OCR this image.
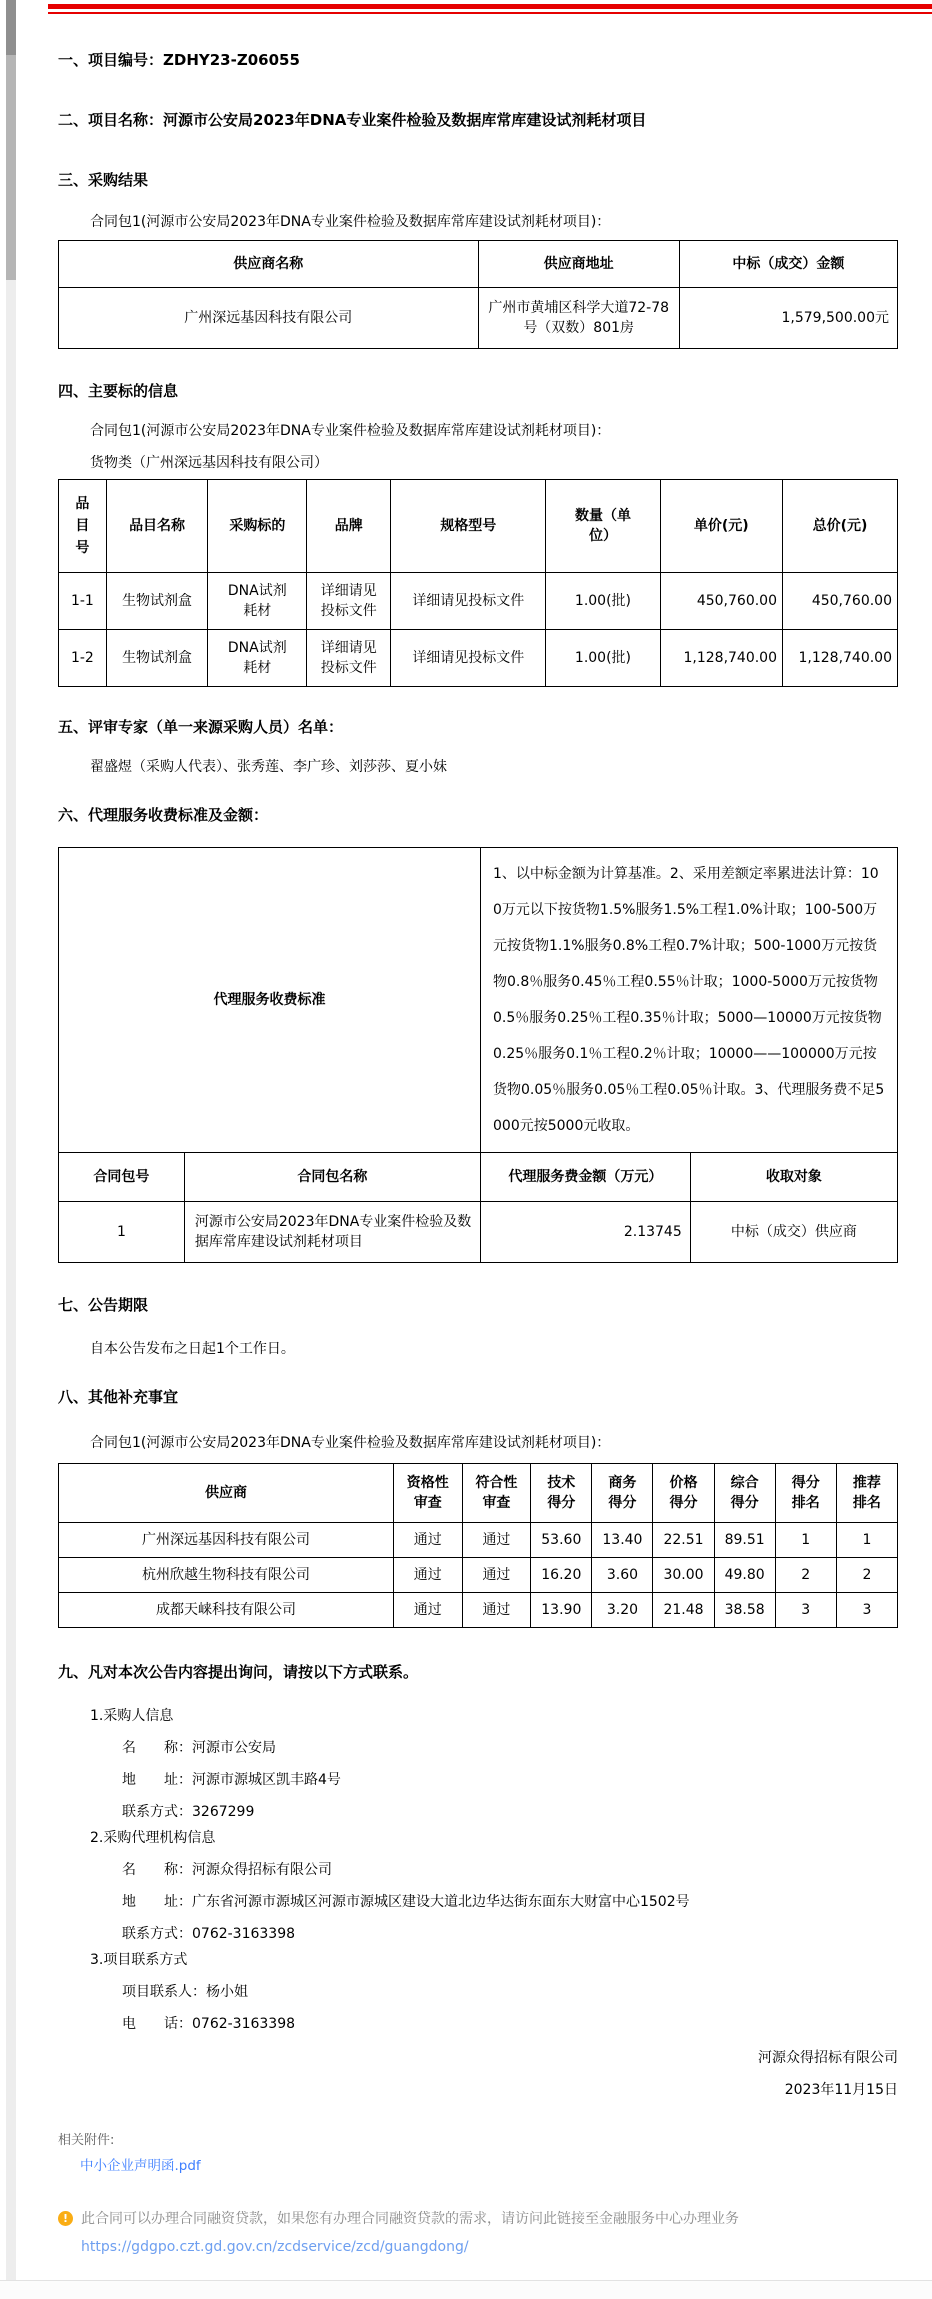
一、项目编号：ZDHY23-Z06055
二、项目名称：河源市公安局2023年DNA专业案件检验及数据库常库建设试剂耗材项目
三、采购结果
合同包1(河源市公安局2023年DNA专业案件检验及数据库常库建设试剂耗材项目)：
供应商名称	供应商地址	中标（成交）金额
广州深远基因科技有限公司	广州市黄埔区科学大道72-78号（双数）801房	1,579,500.00元
四、主要标的信息
合同包1(河源市公安局2023年DNA专业案件检验及数据库常库建设试剂耗材项目)：
货物类（广州深远基因科技有限公司）
品目号	品目名称	采购标的	品牌	规格型号	数量（单位）	单价(元)	总价(元)
1-1	生物试剂盒	DNA试剂耗材	详细请见投标文件	详细请见投标文件	1.00(批)	450,760.00	450,760.00
1-2	生物试剂盒	DNA试剂耗材	详细请见投标文件	详细请见投标文件	1.00(批)	1,128,740.00	1,128,740.00
五、评审专家（单一来源采购人员）名单：
翟盛煜（采购人代表）、张秀莲、李广珍、刘莎莎、夏小妹
六、代理服务收费标准及金额：
代理服务收费标准		1、以中标金额为计算基准。2、采用差额定率累进法计算：100万元以下按货物1.5%服务1.5%工程1.0%计取；100-500万元按货物1.1%服务0.8%工程0.7%计取；500-1000万元按货物0.8％服务0.45％工程0.55％计取；1000-5000万元按货物0.5％服务0.25％工程0.35％计取；5000—10000万元按货物0.25％服务0.1％工程0.2％计取；10000——100000万元按货物0.05％服务0.05％工程0.05％计取。3、代理服务费不足5000元按5000元收取。	
合同包号	合同包名称	代理服务费金额（万元）	收取对象
1	河源市公安局2023年DNA专业案件检验及数据库常库建设试剂耗材项目	2.13745	中标（成交）供应商
七、公告期限
自本公告发布之日起1个工作日。
八、其他补充事宜
合同包1(河源市公安局2023年DNA专业案件检验及数据库常库建设试剂耗材项目)：
供应商	资格性审查	符合性审查	技术得分	商务得分	价格得分	综合得分	得分排名	推荐排名
广州深远基因科技有限公司	通过	通过	53.60	13.40	22.51	89.51	1	1
杭州欣越生物科技有限公司	通过	通过	16.20	3.60	30.00	49.80	2	2
成都天崃科技有限公司	通过	通过	13.90	3.20	21.48	38.58	3	3
九、凡对本次公告内容提出询问，请按以下方式联系。
1.采购人信息
名　　称：河源市公安局
地　　址：河源市源城区凯丰路4号
联系方式：3267299
2.采购代理机构信息
名　　称：河源众得招标有限公司
地　　址：广东省河源市源城区河源市源城区建设大道北边华达街东面东大财富中心1502号
联系方式：0762-3163398
3.项目联系方式
项目联系人：杨小姐
电　　话：0762-3163398
河源众得招标有限公司
2023年11月15日
相关附件:
中小企业声明函.pdf
! 此合同可以办理合同融资贷款，如果您有办理合同融资贷款的需求，请访问此链接至金融服务中心办理业务
https://gdgpo.czt.gd.gov.cn/zcdservice/zcd/guangdong/
